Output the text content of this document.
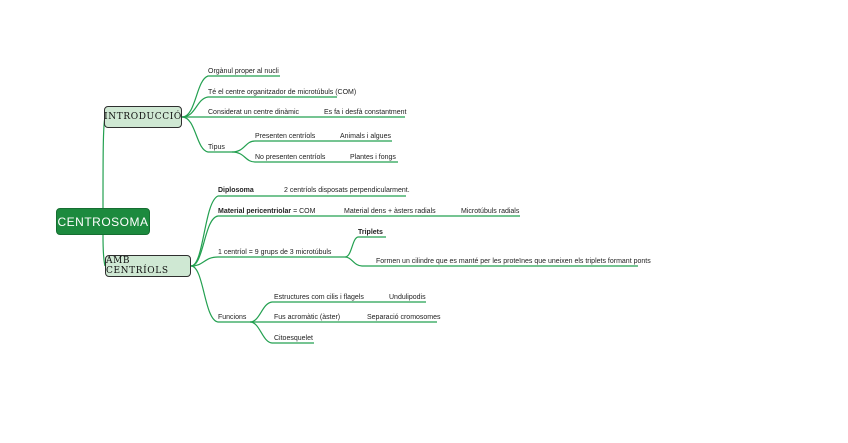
CENTROSOMA
INTRODUCCIÓ
AMB CENTRÍOLS
Orgànul proper al nucli
Té el centre organitzador de microtúbuls (COM)
Considerat un centre dinàmic	Es fa i desfà constantment
Tipus
Presenten centríols	Animals i algues
No presenten centríols	Plantes i fongs
Diplosoma	2 centríols disposats perpendicularment.
Material pericentriolar = COM	Material dens + àsters radials	Microtúbuls radials
1 centríol = 9 grups de 3 microtúbuls
Triplets
Formen un cilindre que es manté per les proteïnes que uneixen els triplets formant ponts
Funcions
Estructures com cilis i flagels	Undulipodis
Fus acromàtic (àster)	Separació cromosomes
Citoesquelet
